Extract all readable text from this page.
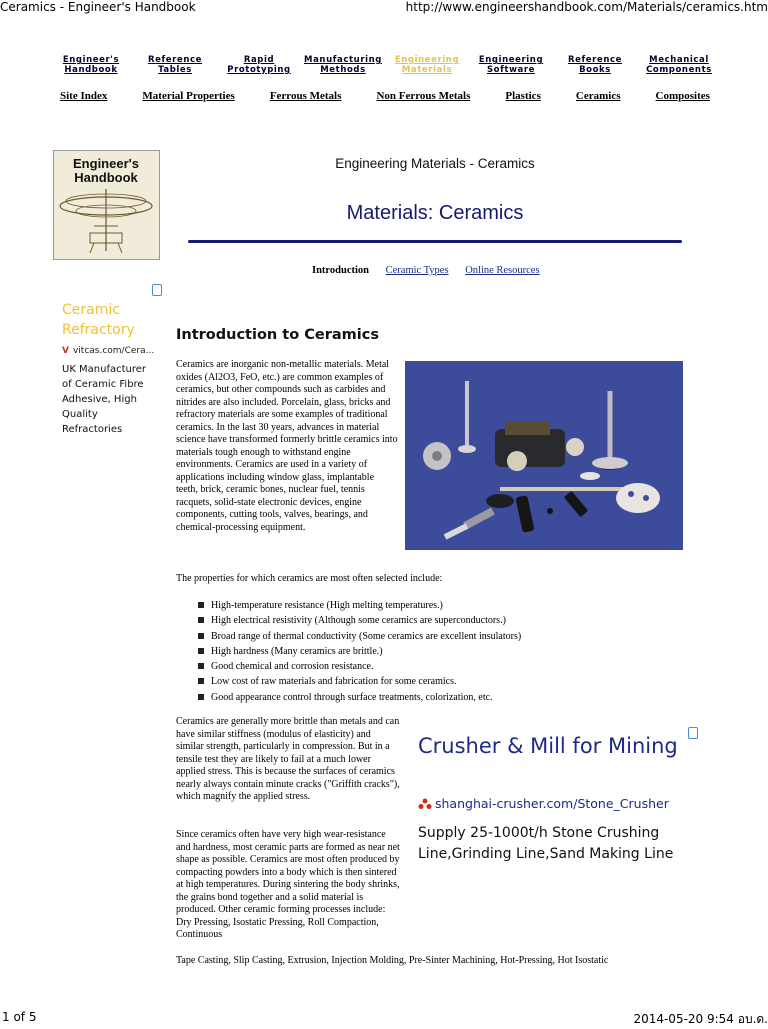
Ceramics - Engineer's Handbook	http://www.engineershandbook.com/Materials/ceramics.htm
Engineer's
Handbook
Reference
Tables
Rapid
Prototyping
Manufacturing
Methods
Engineering
Materials
Engineering
Software
Reference
Books
Mechanical
Components
Site Index	Material Properties	Ferrous Metals	Non Ferrous Metals	Plastics	Ceramics	Composites
Engineer's
Handbook
Engineering Materials - Ceramics
Materials: Ceramics
Introduction Ceramic Types Online Resources
Ceramic Refractory
V vitcas.com/Cera...
UK Manufacturer of Ceramic Fibre Adhesive, High Quality Refractories
Introduction to Ceramics
Ceramics are inorganic non-metallic materials. Metal oxides (Al2O3, FeO, etc.) are common examples of ceramics, but other compounds such as carbides and nitrides are also included. Porcelain, glass, bricks and refractory materials are some examples of traditional ceramics. In the last 30 years, advances in material science have transformed formerly brittle ceramics into materials tough enough to withstand engine environments. Ceramics are used in a variety of applications including window glass, implantable teeth, brick, ceramic bones, nuclear fuel, tennis racquets, solid-state electronic devices, engine components, cutting tools, valves, bearings, and chemical-processing equipment.
The properties for which ceramics are most often selected include:
High-temperature resistance (High melting temperatures.)
High electrical resistivity (Although some ceramics are superconductors.)
Broad range of thermal conductivity (Some ceramics are excellent insulators)
High hardness (Many ceramics are brittle.)
Good chemical and corrosion resistance.
Low cost of raw materials and fabrication for some ceramics.
Good appearance control through surface treatments, colorization, etc.
Ceramics are generally more brittle than metals and can have similar stiffness (modulus of elasticity) and similar strength, particularly in compression. But in a tensile test they are likely to fail at a much lower applied stress. This is because the surfaces of ceramics nearly always contain minute cracks ("Griffith cracks"), which magnify the applied stress.
Since ceramics often have very high wear-resistance and hardness, most ceramic parts are formed as near net shape as possible. Ceramics are most often produced by compacting powders into a body which is then sintered at high temperatures. During sintering the body shrinks, the grains bond together and a solid material is produced. Other ceramic forming processes include: Dry Pressing, Isostatic Pressing, Roll Compaction, Continuous
Tape Casting, Slip Casting, Extrusion, Injection Molding, Pre-Sinter Machining, Hot-Pressing, Hot Isostatic
Crusher & Mill for Mining
shanghai-crusher.com/Stone_Crusher
Supply 25-1000t/h Stone Crushing Line,Grinding Line,Sand Making Line
1 of 5	2014-05-20 9:54 อบ.ด.
